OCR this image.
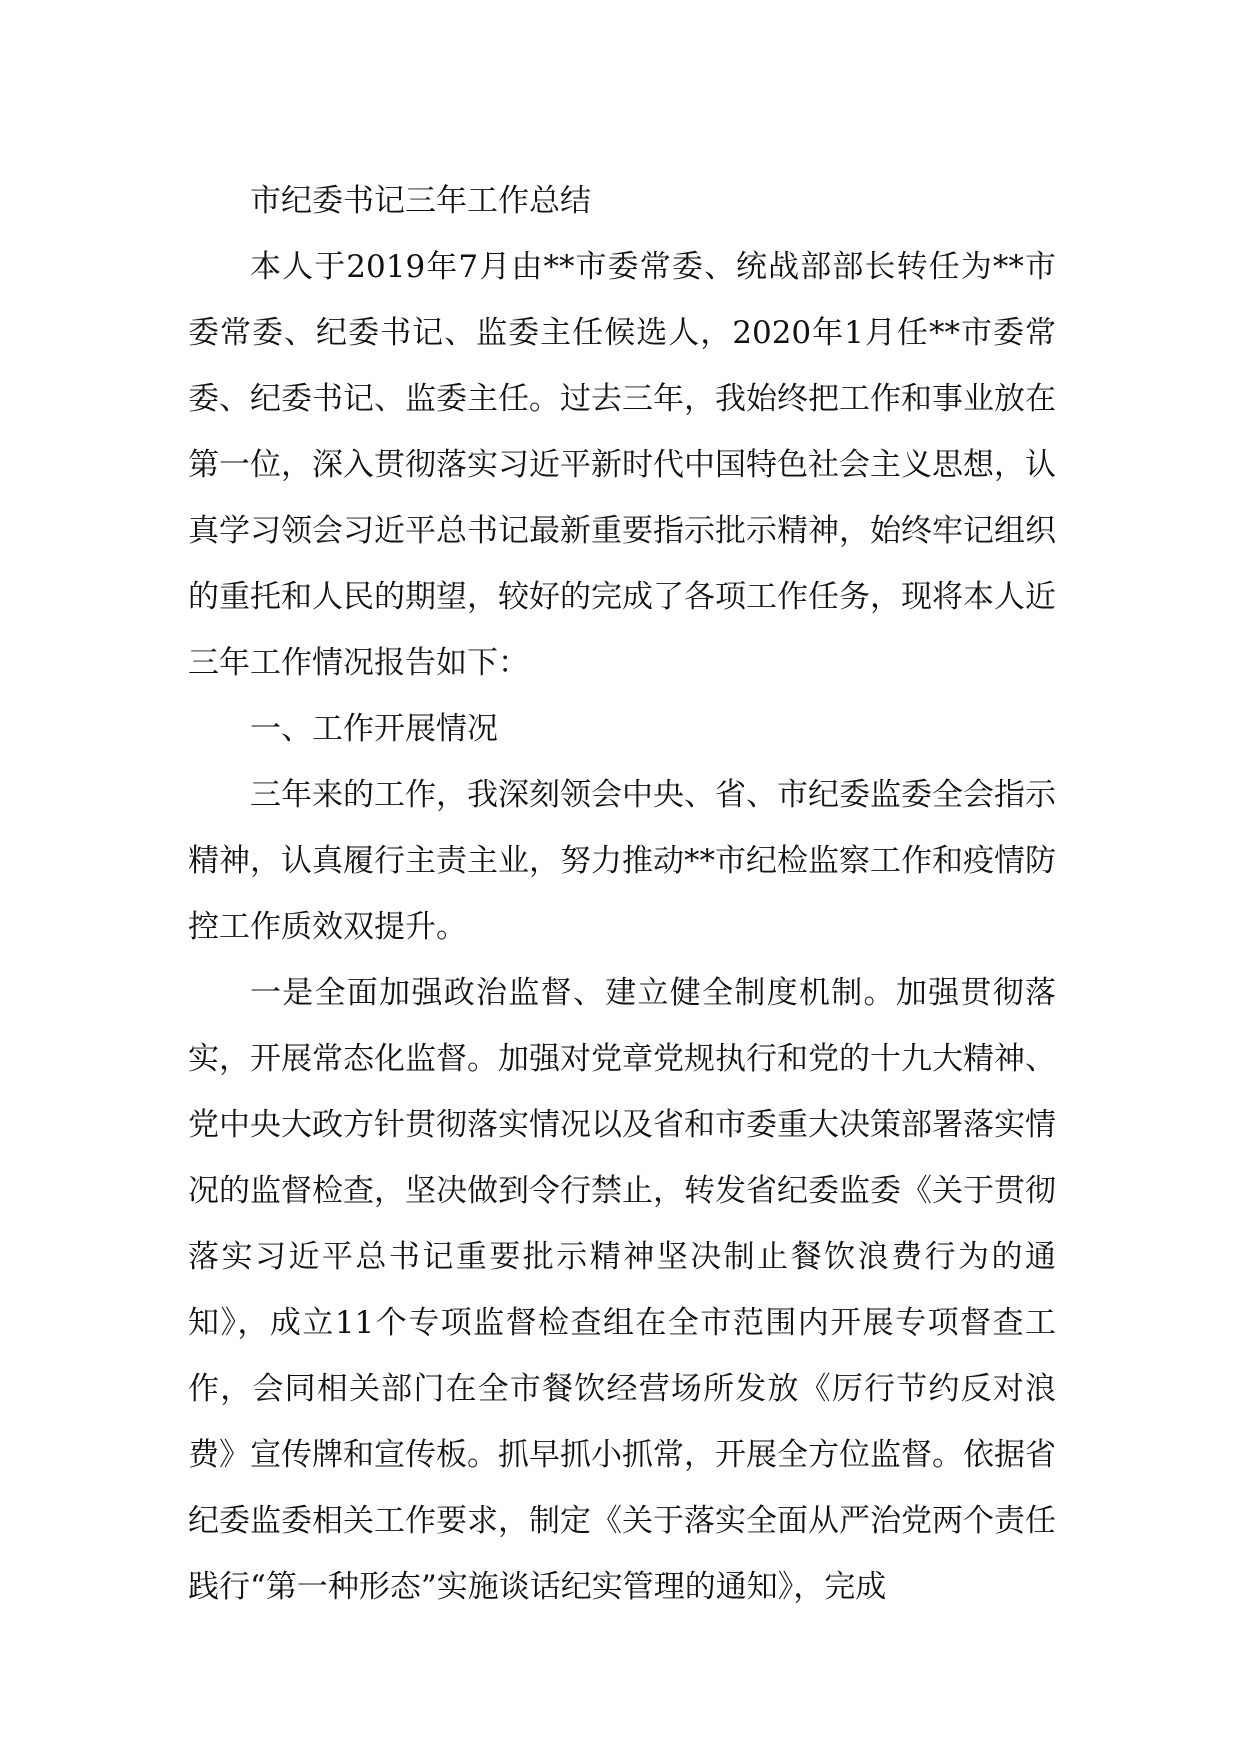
市纪委书记三年工作总结

本人于2019年7月由**市委常委、统战部部长转任为**市委常委、纪委书记、监委主任候选人，2020年1月任**市委常委、纪委书记、监委主任。过去三年，我始终把工作和事业放在第一位，深入贯彻落实习近平新时代中国特色社会主义思想，认真学习领会习近平总书记最新重要指示批示精神，始终牢记组织的重托和人民的期望，较好的完成了各项工作任务，现将本人近三年工作情况报告如下：

一、工作开展情况

三年来的工作，我深刻领会中央、省、市纪委监委全会指示精神，认真履行主责主业，努力推动**市纪检监察工作和疫情防控工作质效双提升。

一是全面加强政治监督、建立健全制度机制。加强贯彻落实，开展常态化监督。加强对党章党规执行和党的十九大精神、党中央大政方针贯彻落实情况以及省和市委重大决策部署落实情况的监督检查，坚决做到令行禁止，转发省纪委监委《关于贯彻落实习近平总书记重要批示精神坚决制止餐饮浪费行为的通知》，成立11个专项监督检查组在全市范围内开展专项督查工作，会同相关部门在全市餐饮经营场所发放《厉行节约反对浪费》宣传牌和宣传板。抓早抓小抓常，开展全方位监督。依据省纪委监委相关工作要求，制定《关于落实全面从严治党两个责任践行“第一种形态”实施谈话纪实管理的通知》，完成
